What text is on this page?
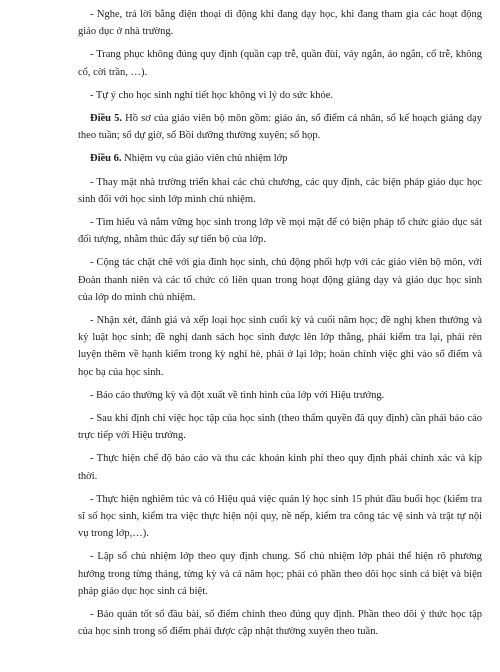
- Nghe, trả lời bằng điện thoại di động khi đang dạy học, khi đang tham gia các hoạt động giáo dục ở nhà trường.

- Trang phục không đúng quy định (quần cạp trễ, quần đùi, váy ngắn, áo ngắn, cổ trễ, không cổ, cời trần, …).

- Tự ý cho học sinh nghỉ tiết học không vì lý do sức khỏe.

Điều 5. Hồ sơ của giáo viên bộ môn gồm: giáo án, sổ điểm cá nhân, sổ kế hoạch giảng dạy theo tuần; sổ dự giờ, sổ Bồi dưỡng thường xuyên; sổ họp.

Điều 6. Nhiệm vụ của giáo viên chủ nhiệm lớp

- Thay mặt nhà trường triển khai các chủ chương, các quy định, các biện pháp giáo dục học sinh đối với học sinh lớp mình chủ nhiệm.

- Tìm hiểu và nắm vững học sinh trong lớp về mọi mặt để có biện pháp tổ chức giáo dục sát đối tượng, nhằm thúc đẩy sự tiến bộ của lớp.

- Cộng tác chặt chẽ với gia đình học sinh, chủ động phối hợp với các giáo viên bộ môn, với Đoàn thanh niên và các tổ chức có liên quan trong hoạt động giảng dạy và giáo dục học sinh của lớp do mình chủ nhiệm.

- Nhận xét, đánh giá và xếp loại học sinh cuối kỳ và cuối năm học; đề nghị khen thưởng và kỷ luật học sinh; đề nghị danh sách học sinh được lên lớp thẳng, phải kiểm tra lại, phải rèn luyện thêm về hạnh kiểm trong kỳ nghỉ hè, phải ở lại lớp; hoàn chỉnh việc ghi vào sổ điểm và học bạ của học sinh.

- Báo cáo thường kỳ và đột xuất về tình hình của lớp với Hiệu trưởng.

- Sau khi định chỉ việc học tập của học sinh (theo thẩm quyền đã quy định) cần phải báo cáo trực tiếp với Hiệu trưởng.

- Thực hiện chế độ báo cáo và thu các khoản kinh phí theo quy định phải chính xác và kịp thời.

- Thực hiện nghiêm túc và có Hiệu quả việc quản lý học sinh 15 phút đầu buổi học (kiểm tra sĩ số học sinh, kiểm tra việc thực hiện nội quy, nề nếp, kiểm tra công tác vệ sinh và trật tự nội vụ trong lớp,…).

- Lập sổ chủ nhiệm lớp theo quy định chung. Sổ chủ nhiệm lớp phải thể hiện rõ phương hướng trong từng tháng, từng kỳ và cả năm học; phải có phần theo dõi học sinh cá biệt và biện pháp giáo dục học sinh cá biệt.

- Bảo quản tốt sổ đầu bài, sổ điểm chính theo đúng quy định. Phần theo dõi ý thức học tập của học sinh trong sổ điểm phải được cập nhật thường xuyên theo tuần.
